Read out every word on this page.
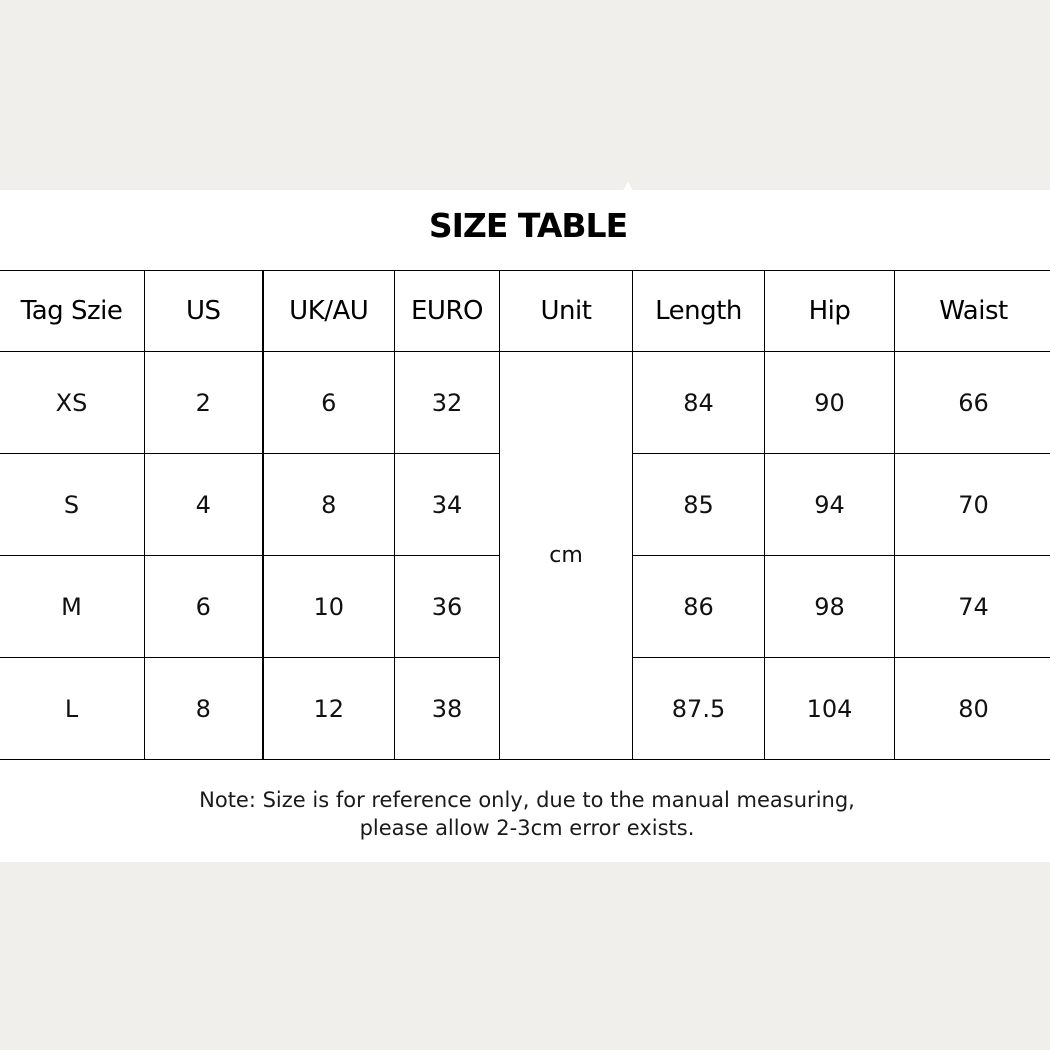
SIZE TABLE
Tag Szie	US	UK/AU	EURO	Unit	Length	Hip	Waist
XS	2	6	32	cm	84	90	66
S	4	8	34		85	94	70
M	6	10	36		86	98	74
L	8	12	38		87.5	104	80
Note: Size is for reference only, due to the manual measuring,
please allow 2-3cm error exists.
